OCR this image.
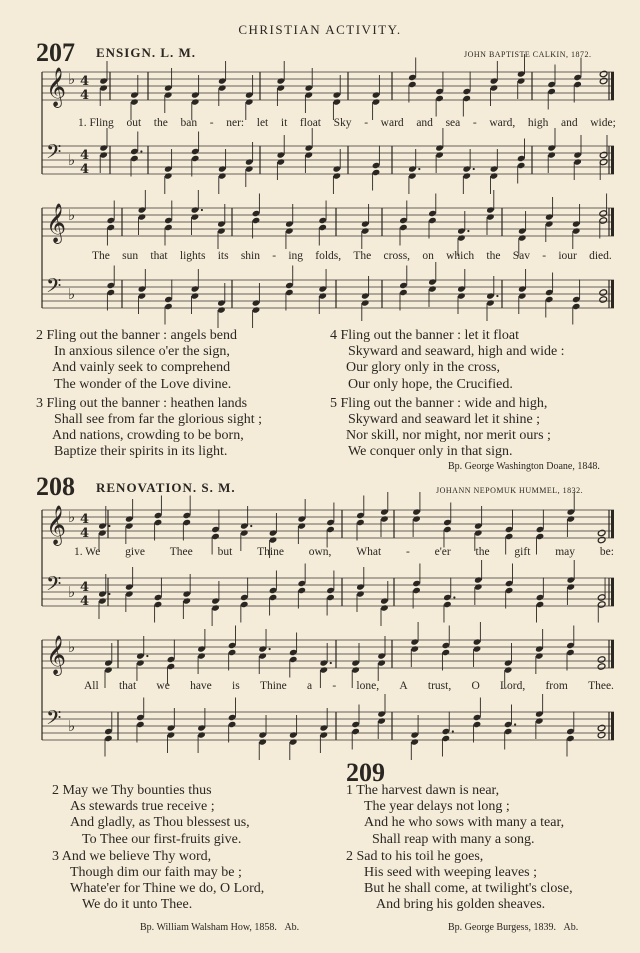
CHRISTIAN ACTIVITY.
207 ENSIGN. L. M.	JOHN BAPTISTE CALKIN, 1872.
𝄞 ♭ 4
4
𝄢 ♭ 4
4
1. Fling out the ban - ner: let it float Sky - ward and sea - ward, high and wide;
𝄞 ♭
𝄢 ♭
The sun that lights its shin - ing folds, The cross, on which the Sav - iour died.
2 Fling out the banner : angels bend
In anxious silence o'er the sign,
And vainly seek to comprehend
The wonder of the Love divine.
3 Fling out the banner : heathen lands
Shall see from far the glorious sight ;
And nations, crowding to be born,
Baptize their spirits in its light.
4 Fling out the banner : let it float
Skyward and seaward, high and wide :
Our glory only in the cross,
Our only hope, the Crucified.
5 Fling out the banner : wide and high,
Skyward and seaward let it shine ;
Nor skill, nor might, nor merit ours ;
We conquer only in that sign.
Bp. George Washington Doane, 1848.
208 RENOVATION. S. M.	JOHANN NEPOMUK HUMMEL, 1832.
𝄞 ♭ 4
4
𝄢 ♭ 4
4
1. We give Thee but Thine own, What - e'er the gift may be:
𝄞 ♭
𝄢 ♭
All that we have is Thine a - lone, A trust, O Lord, from Thee.
2 May we Thy bounties thus
As stewards true receive ;
And gladly, as Thou blessest us,
To Thee our first-fruits give.
3 And we believe Thy word,
Though dim our faith may be ;
Whate'er for Thine we do, O Lord,
We do it unto Thee.
Bp. William Walsham How, 1858. Ab.
209
1 The harvest dawn is near,
The year delays not long ;
And he who sows with many a tear,
Shall reap with many a song.
2 Sad to his toil he goes,
His seed with weeping leaves ;
But he shall come, at twilight's close,
And bring his golden sheaves.
Bp. George Burgess, 1839. Ab.
